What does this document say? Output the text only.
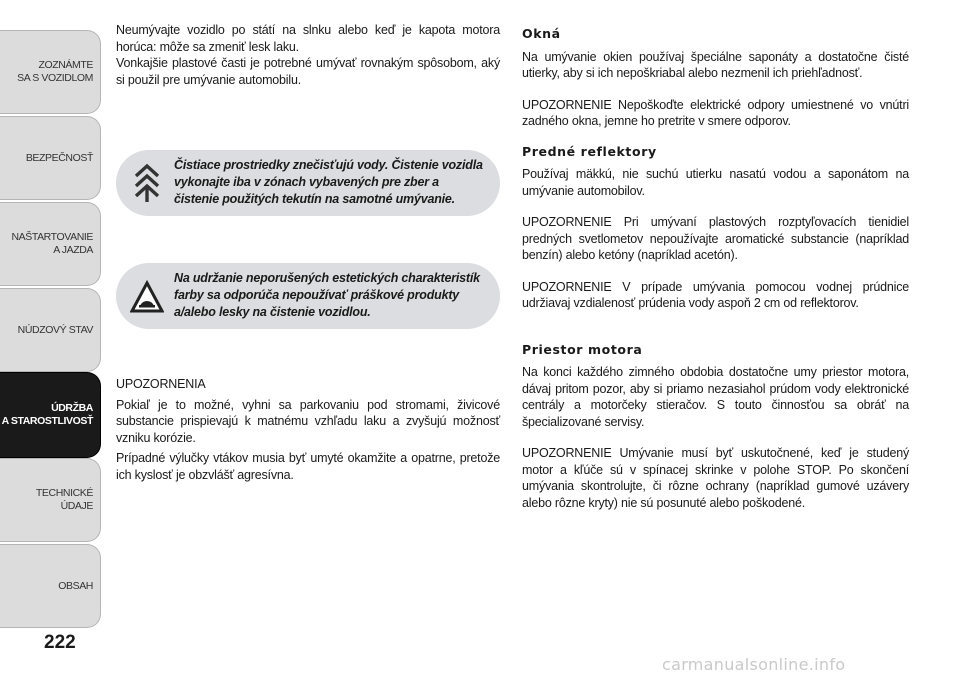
ZOZNÁMTE
SA S VOZIDLOM
BEZPEČNOSŤ
NAŠTARTOVANIE
A JAZDA
NÚDZOVÝ STAV
ÚDRŽBA
A STAROSTLIVOSŤ
TECHNICKÉ
ÚDAJE
OBSAH
222

Neumývajte vozidlo po státí na slnku alebo keď je kapota motora horúca: môže sa zmeniť lesk laku.

Vonkajšie plastové časti je potrebné umývať rovnakým spôsobom, aký si použil pre umývanie automobilu.

Čistiace prostriedky znečisťujú vody. Čistenie vozidla vykonajte iba v zónach vybavených pre zber a čistenie použitých tekutín na samotné umývanie.
Na udržanie neporušených estetických charakteristík farby sa odporúča nepoužívať práškové produkty a/alebo lesky na čistenie vozidlou.

UPOZORNENIA

Pokiaľ je to možné, vyhni sa parkovaniu pod stromami, živicové substancie prispievajú k matnému vzhľadu laku a zvyšujú možnosť vzniku korózie.

Prípadné výlučky vtákov musia byť umyté okamžite a opatrne, pretože ich kyslosť je obzvlášť agresívna.

Okná

Na umývanie okien používaj špeciálne saponáty a dostatočne čisté utierky, aby si ich nepoškriabal alebo nezmenil ich priehľadnosť.

UPOZORNENIE Nepoškoďte elektrické odpory umiestnené vo vnútri zadného okna, jemne ho pretrite v smere odporov.

Predné reflektory

Používaj mäkkú, nie suchú utierku nasatú vodou a saponátom na umývanie automobilov.

UPOZORNENIE Pri umývaní plastových rozptyľovacích tienidiel predných svetlometov nepoužívajte aromatické substancie (napríklad benzín) alebo ketóny (napríklad acetón).

UPOZORNENIE V prípade umývania pomocou vodnej prúdnice udržiavaj vzdialenosť prúdenia vody aspoň 2 cm od reflektorov.

Priestor motora

Na konci každého zimného obdobia dostatočne umy priestor motora, dávaj pritom pozor, aby si priamo nezasiahol prúdom vody elektronické centrály a motorčeky stieračov. S touto činnosťou sa obráť na špecializované servisy.

UPOZORNENIE Umývanie musí byť uskutočnené, keď je studený motor a kľúče sú v spínacej skrinke v polohe STOP. Po skončení umývania skontrolujte, či rôzne ochrany (napríklad gumové uzávery alebo rôzne kryty) nie sú posunuté alebo poškodené.

carmanualsonline.info
